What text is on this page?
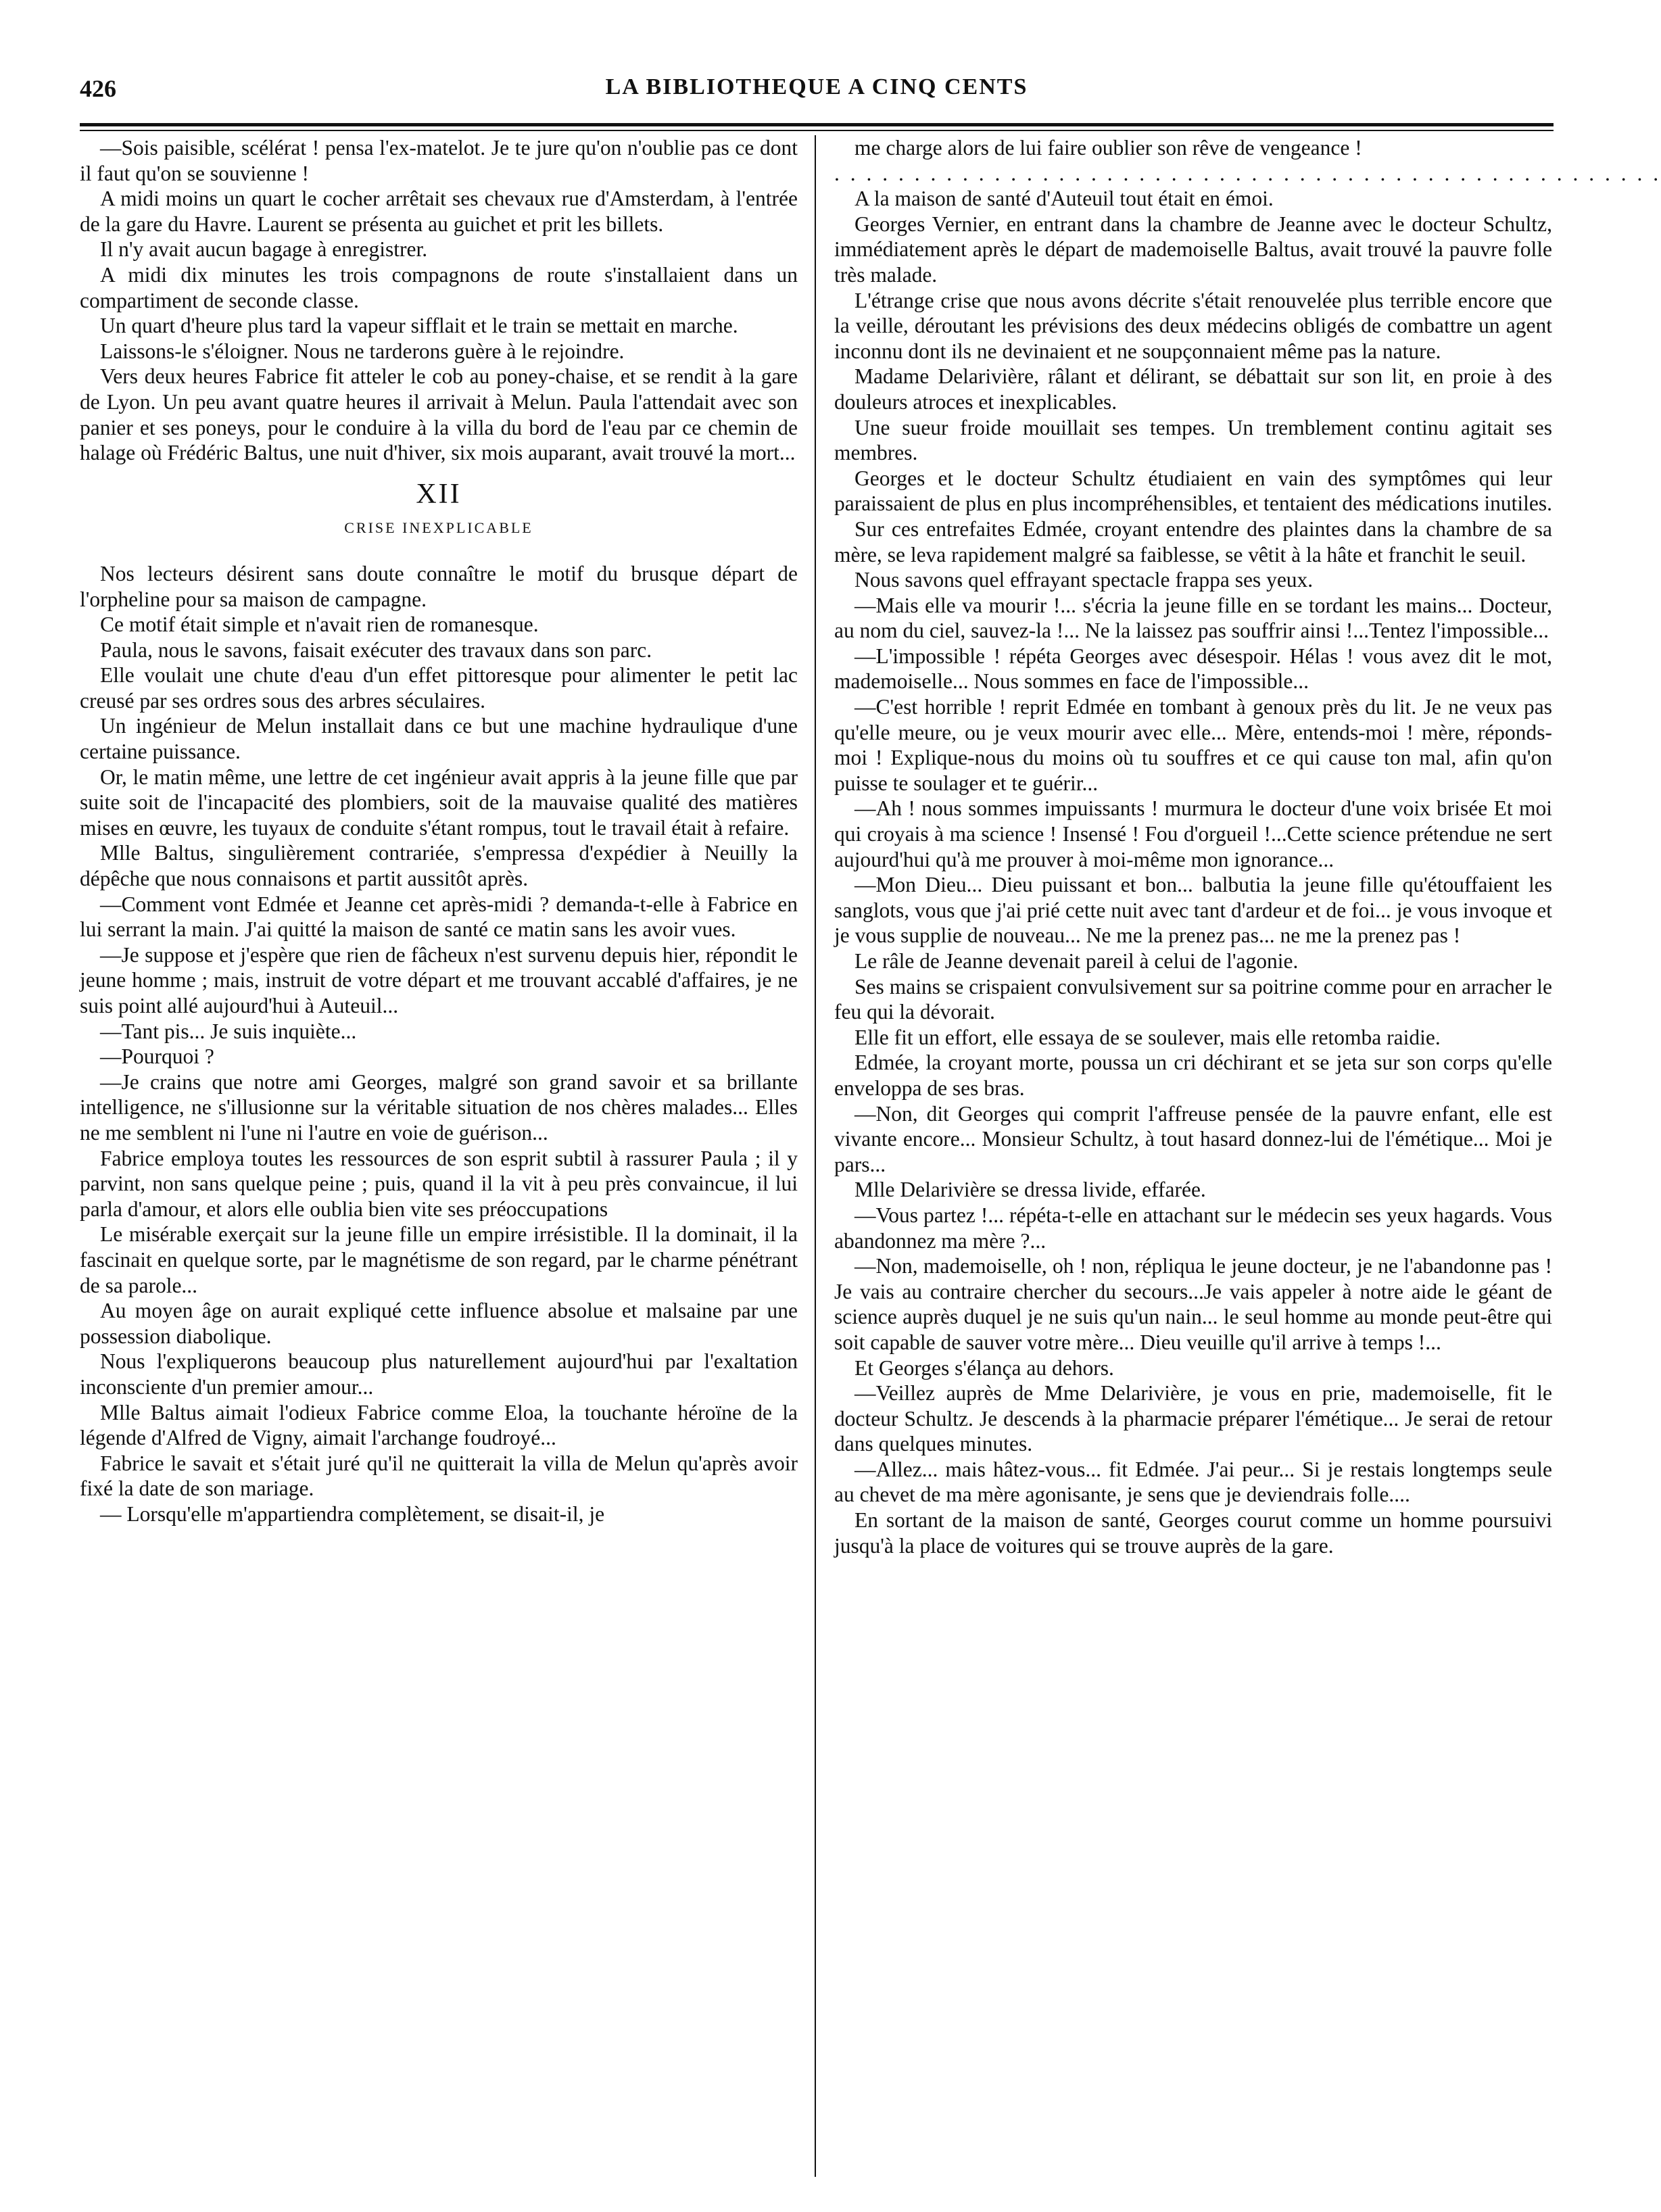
426	LA BIBLIOTHEQUE A CINQ CENTS

—Sois paisible, scélérat ! pensa l'ex-matelot. Je te jure qu'on n'oublie pas ce dont il faut qu'on se souvienne !

A midi moins un quart le cocher arrêtait ses chevaux rue d'Amsterdam, à l'entrée de la gare du Havre. Laurent se présenta au guichet et prit les billets.

Il n'y avait aucun bagage à enregistrer.

A midi dix minutes les trois compagnons de route s'installaient dans un compartiment de seconde classe.

Un quart d'heure plus tard la vapeur sifflait et le train se mettait en marche.

Laissons-le s'éloigner. Nous ne tarderons guère à le rejoindre.

Vers deux heures Fabrice fit atteler le cob au poney-chaise, et se rendit à la gare de Lyon. Un peu avant quatre heures il arrivait à Melun. Paula l'attendait avec son panier et ses poneys, pour le conduire à la villa du bord de l'eau par ce chemin de halage où Frédéric Baltus, une nuit d'hiver, six mois auparant, avait trouvé la mort...

XII
CRISE INEXPLICABLE

Nos lecteurs désirent sans doute connaître le motif du brusque départ de l'orpheline pour sa maison de campagne.

Ce motif était simple et n'avait rien de romanesque.

Paula, nous le savons, faisait exécuter des travaux dans son parc.

Elle voulait une chute d'eau d'un effet pittoresque pour alimenter le petit lac creusé par ses ordres sous des arbres séculaires.

Un ingénieur de Melun installait dans ce but une machine hydraulique d'une certaine puissance.

Or, le matin même, une lettre de cet ingénieur avait appris à la jeune fille que par suite soit de l'incapacité des plombiers, soit de la mauvaise qualité des matières mises en œuvre, les tuyaux de conduite s'étant rompus, tout le travail était à refaire.

Mlle Baltus, singulièrement contrariée, s'empressa d'expédier à Neuilly la dépêche que nous connaisons et partit aussitôt après.

—Comment vont Edmée et Jeanne cet après-midi ? demanda-t-elle à Fabrice en lui serrant la main. J'ai quitté la maison de santé ce matin sans les avoir vues.

—Je suppose et j'espère que rien de fâcheux n'est survenu depuis hier, répondit le jeune homme ; mais, instruit de votre départ et me trouvant accablé d'affaires, je ne suis point allé aujourd'hui à Auteuil...

—Tant pis... Je suis inquiète...

—Pourquoi ?

—Je crains que notre ami Georges, malgré son grand savoir et sa brillante intelligence, ne s'illusionne sur la véritable situation de nos chères malades... Elles ne me semblent ni l'une ni l'autre en voie de guérison...

Fabrice employa toutes les ressources de son esprit subtil à rassurer Paula ; il y parvint, non sans quelque peine ; puis, quand il la vit à peu près convaincue, il lui parla d'amour, et alors elle oublia bien vite ses préoccupations

Le misérable exerçait sur la jeune fille un empire irrésistible. Il la dominait, il la fascinait en quelque sorte, par le magnétisme de son regard, par le charme pénétrant de sa parole...

Au moyen âge on aurait expliqué cette influence absolue et malsaine par une possession diabolique.

Nous l'expliquerons beaucoup plus naturellement aujourd'hui par l'exaltation inconsciente d'un premier amour...

Mlle Baltus aimait l'odieux Fabrice comme Eloa, la touchante héroïne de la légende d'Alfred de Vigny, aimait l'archange foudroyé...

Fabrice le savait et s'était juré qu'il ne quitterait la villa de Melun qu'après avoir fixé la date de son mariage.

— Lorsqu'elle m'appartiendra complètement, se disait-il, je

me charge alors de lui faire oublier son rêve de vengeance !

. . . . . . . . . . . . . . . . . . . . . . . . . . . . . . . . . . . . . . . . . . . . . . . . . . . .

A la maison de santé d'Auteuil tout était en émoi.

Georges Vernier, en entrant dans la chambre de Jeanne avec le docteur Schultz, immédiatement après le départ de mademoiselle Baltus, avait trouvé la pauvre folle très malade.

L'étrange crise que nous avons décrite s'était renouvelée plus terrible encore que la veille, déroutant les prévisions des deux médecins obligés de combattre un agent inconnu dont ils ne devinaient et ne soupçonnaient même pas la nature.

Madame Delarivière, râlant et délirant, se débattait sur son lit, en proie à des douleurs atroces et inexplicables.

Une sueur froide mouillait ses tempes. Un tremblement continu agitait ses membres.

Georges et le docteur Schultz étudiaient en vain des symptômes qui leur paraissaient de plus en plus incompréhensibles, et tentaient des médications inutiles.

Sur ces entrefaites Edmée, croyant entendre des plaintes dans la chambre de sa mère, se leva rapidement malgré sa faiblesse, se vêtit à la hâte et franchit le seuil.

Nous savons quel effrayant spectacle frappa ses yeux.

—Mais elle va mourir !... s'écria la jeune fille en se tordant les mains... Docteur, au nom du ciel, sauvez-la !... Ne la laissez pas souffrir ainsi !...Tentez l'impossible...

—L'impossible ! répéta Georges avec désespoir. Hélas ! vous avez dit le mot, mademoiselle... Nous sommes en face de l'impossible...

—C'est horrible ! reprit Edmée en tombant à genoux près du lit. Je ne veux pas qu'elle meure, ou je veux mourir avec elle... Mère, entends-moi ! mère, réponds-moi ! Explique-nous du moins où tu souffres et ce qui cause ton mal, afin qu'on puisse te soulager et te guérir...

—Ah ! nous sommes impuissants ! murmura le docteur d'une voix brisée Et moi qui croyais à ma science ! Insensé ! Fou d'orgueil !...Cette science prétendue ne sert aujourd'hui qu'à me prouver à moi-même mon ignorance...

—Mon Dieu... Dieu puissant et bon... balbutia la jeune fille qu'étouffaient les sanglots, vous que j'ai prié cette nuit avec tant d'ardeur et de foi... je vous invoque et je vous supplie de nouveau... Ne me la prenez pas... ne me la prenez pas !

Le râle de Jeanne devenait pareil à celui de l'agonie.

Ses mains se crispaient convulsivement sur sa poitrine comme pour en arracher le feu qui la dévorait.

Elle fit un effort, elle essaya de se soulever, mais elle retomba raidie.

Edmée, la croyant morte, poussa un cri déchirant et se jeta sur son corps qu'elle enveloppa de ses bras.

—Non, dit Georges qui comprit l'affreuse pensée de la pauvre enfant, elle est vivante encore... Monsieur Schultz, à tout hasard donnez-lui de l'émétique... Moi je pars...

Mlle Delarivière se dressa livide, effarée.

—Vous partez !... répéta-t-elle en attachant sur le médecin ses yeux hagards. Vous abandonnez ma mère ?...

—Non, mademoiselle, oh ! non, répliqua le jeune docteur, je ne l'abandonne pas ! Je vais au contraire chercher du secours...Je vais appeler à notre aide le géant de science auprès duquel je ne suis qu'un nain... le seul homme au monde peut-être qui soit capable de sauver votre mère... Dieu veuille qu'il arrive à temps !...

Et Georges s'élança au dehors.

—Veillez auprès de Mme Delarivière, je vous en prie, mademoiselle, fit le docteur Schultz. Je descends à la pharmacie préparer l'émétique... Je serai de retour dans quelques minutes.

—Allez... mais hâtez-vous... fit Edmée. J'ai peur... Si je restais longtemps seule au chevet de ma mère agonisante, je sens que je deviendrais folle....

En sortant de la maison de santé, Georges courut comme un homme poursuivi jusqu'à la place de voitures qui se trouve auprès de la gare.
